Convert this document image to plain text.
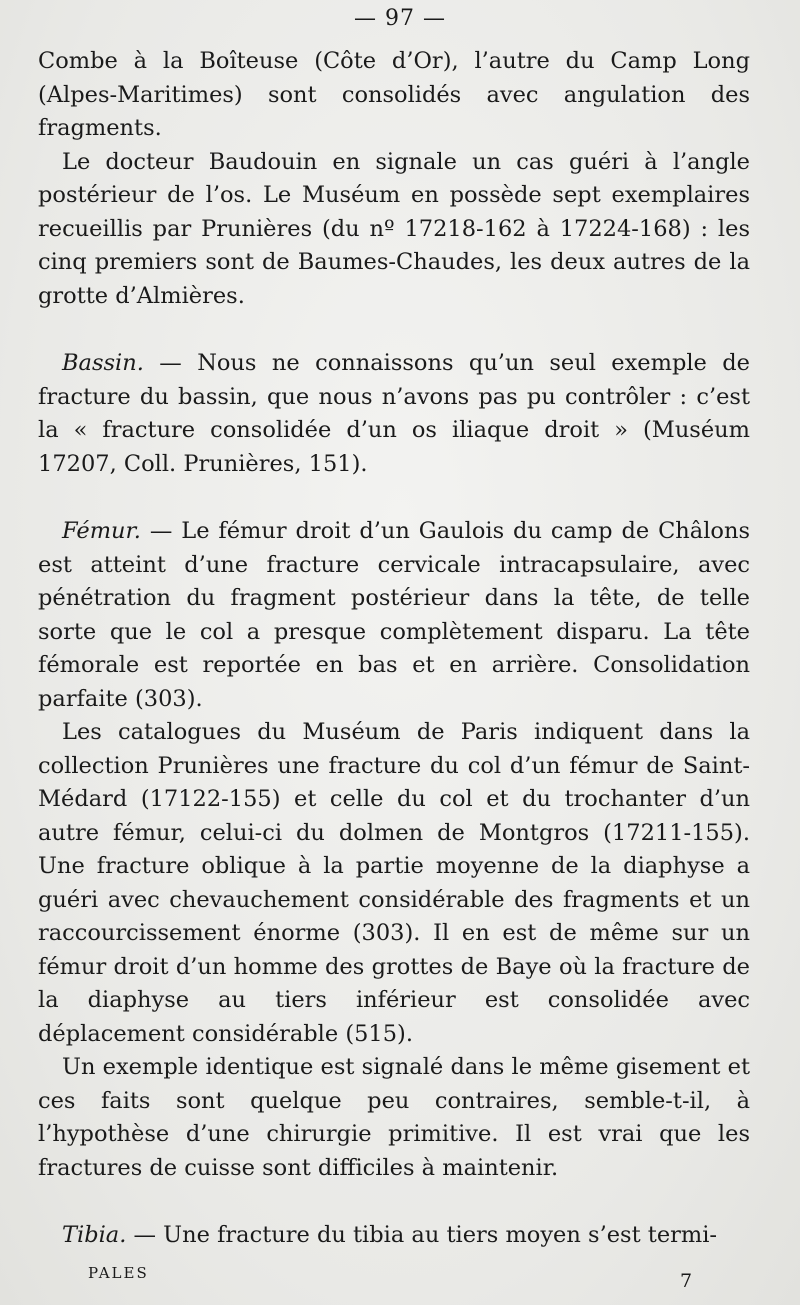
— 97 —

Combe à la Boîteuse (Côte d’Or), l’autre du Camp Long (Alpes-Maritimes) sont consolidés avec angulation des fragments.

Le docteur Baudouin en signale un cas guéri à l’angle postérieur de l’os. Le Muséum en possède sept exemplaires recueillis par Prunières (du nº 17218-162 à 17224-168) : les cinq premiers sont de Baumes-Chaudes, les deux autres de la grotte d’Almières.

Bassin. — Nous ne connaissons qu’un seul exemple de fracture du bassin, que nous n’avons pas pu contrôler : c’est la « fracture consolidée d’un os iliaque droit » (Muséum 17207, Coll. Prunières, 151).

Fémur. — Le fémur droit d’un Gaulois du camp de Châlons est atteint d’une fracture cervicale intracapsulaire, avec pénétration du fragment postérieur dans la tête, de telle sorte que le col a presque complètement disparu. La tête fémorale est reportée en bas et en arrière. Consolidation parfaite (303).

Les catalogues du Muséum de Paris indiquent dans la collection Prunières une fracture du col d’un fémur de Saint-Médard (17122-155) et celle du col et du trochanter d’un autre fémur, celui-ci du dolmen de Montgros (17211-155). Une fracture oblique à la partie moyenne de la diaphyse a guéri avec chevauchement considérable des fragments et un raccourcissement énorme (303). Il en est de même sur un fémur droit d’un homme des grottes de Baye où la fracture de la diaphyse au tiers inférieur est consolidée avec déplacement considérable (515).

Un exemple identique est signalé dans le même gisement et ces faits sont quelque peu contraires, semble-t-il, à l’hypothèse d’une chirurgie primitive. Il est vrai que les fractures de cuisse sont difficiles à maintenir.

Tibia. — Une fracture du tibia au tiers moyen s’est termi-

PALES	7
